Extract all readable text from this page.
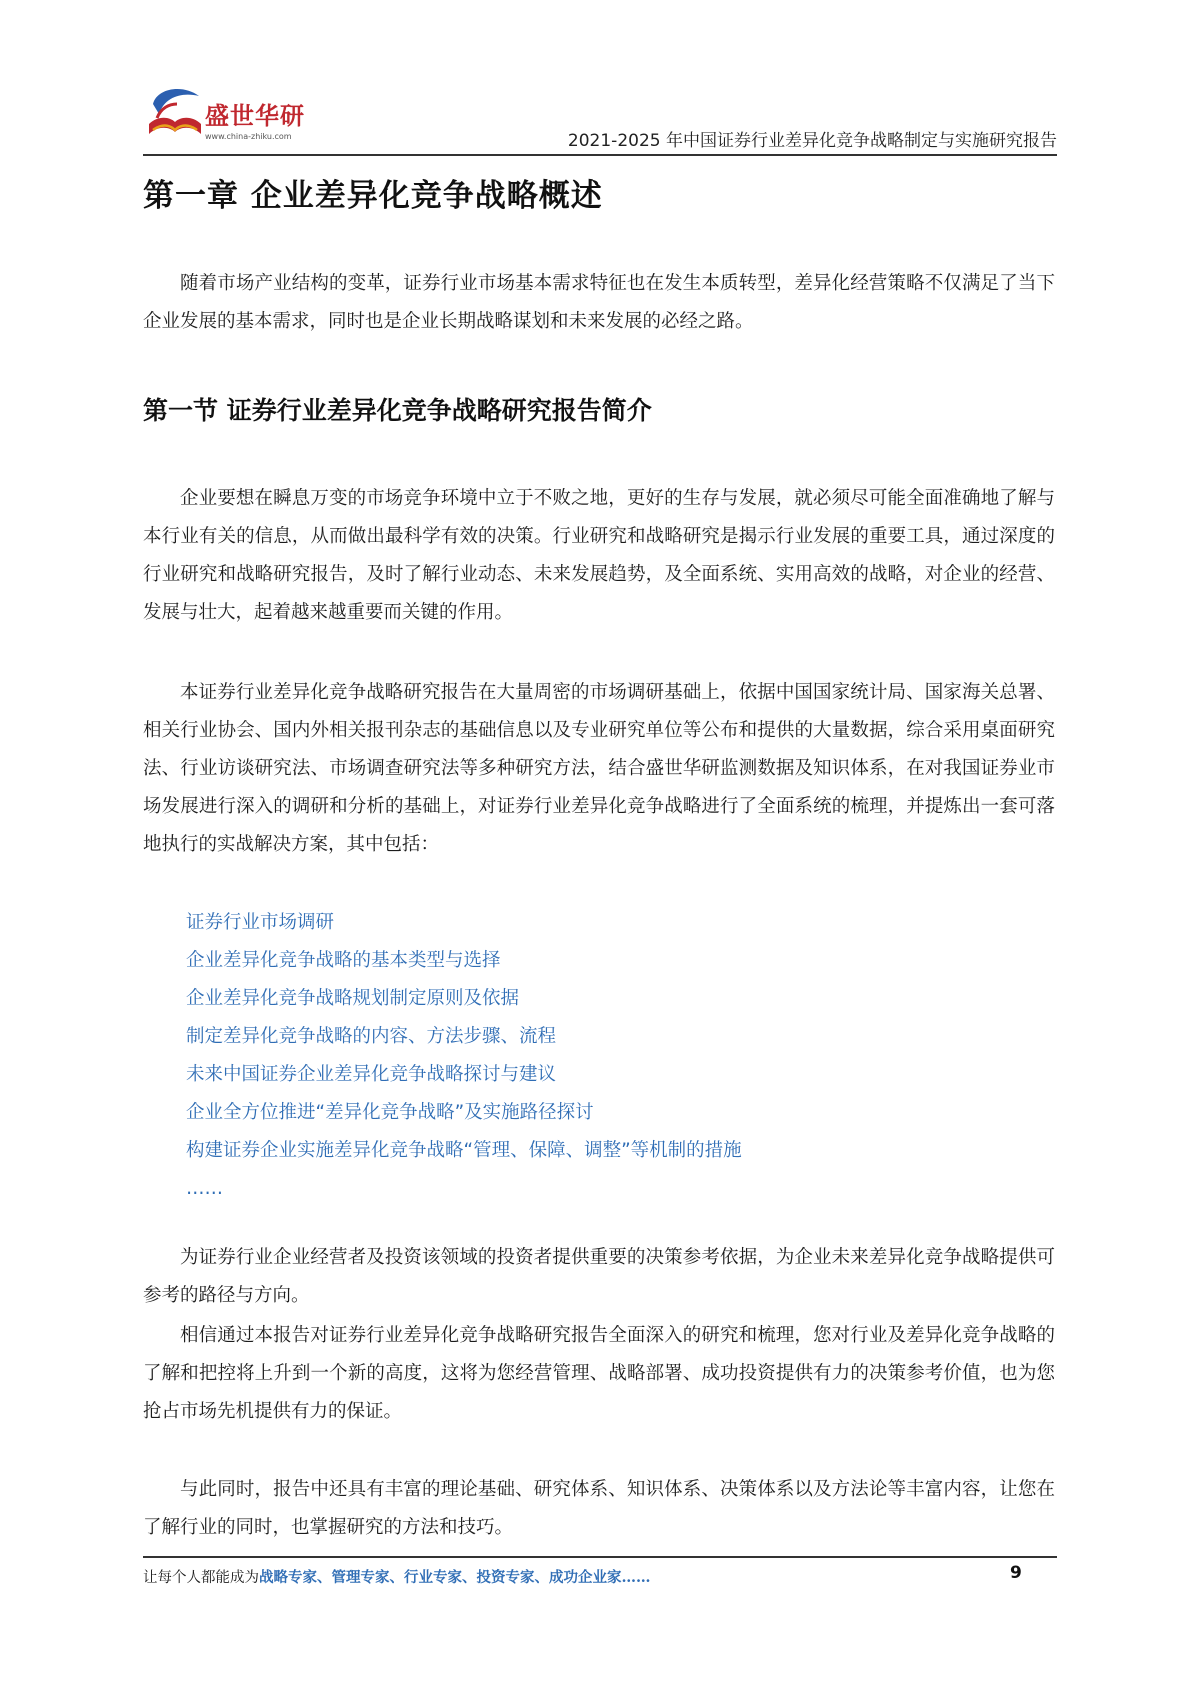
盛世华研
www.china-zhiku.com	2021-2025 年中国证券行业差异化竞争战略制定与实施研究报告
第一章 企业差异化竞争战略概述

随着市场产业结构的变革，证券行业市场基本需求特征也在发生本质转型，差异化经营策略不仅满足了当下企业发展的基本需求，同时也是企业长期战略谋划和未来发展的必经之路。

第一节 证券行业差异化竞争战略研究报告简介

企业要想在瞬息万变的市场竞争环境中立于不败之地，更好的生存与发展，就必须尽可能全面准确地了解与本行业有关的信息，从而做出最科学有效的决策。行业研究和战略研究是揭示行业发展的重要工具，通过深度的行业研究和战略研究报告，及时了解行业动态、未来发展趋势，及全面系统、实用高效的战略，对企业的经营、发展与壮大，起着越来越重要而关键的作用。

本证券行业差异化竞争战略研究报告在大量周密的市场调研基础上，依据中国国家统计局、国家海关总署、相关行业协会、国内外相关报刊杂志的基础信息以及专业研究单位等公布和提供的大量数据，综合采用桌面研究法、行业访谈研究法、市场调查研究法等多种研究方法，结合盛世华研监测数据及知识体系，在对我国证券业市场发展进行深入的调研和分析的基础上，对证券行业差异化竞争战略进行了全面系统的梳理，并提炼出一套可落地执行的实战解决方案，其中包括：

证券行业市场调研
企业差异化竞争战略的基本类型与选择
企业差异化竞争战略规划制定原则及依据
制定差异化竞争战略的内容、方法步骤、流程
未来中国证券企业差异化竞争战略探讨与建议
企业全方位推进“差异化竞争战略”及实施路径探讨
构建证券企业实施差异化竞争战略“管理、保障、调整”等机制的措施
……

为证券行业企业经营者及投资该领域的投资者提供重要的决策参考依据，为企业未来差异化竞争战略提供可参考的路径与方向。

相信通过本报告对证券行业差异化竞争战略研究报告全面深入的研究和梳理，您对行业及差异化竞争战略的了解和把控将上升到一个新的高度，这将为您经营管理、战略部署、成功投资提供有力的决策参考价值，也为您抢占市场先机提供有力的保证。

与此同时，报告中还具有丰富的理论基础、研究体系、知识体系、决策体系以及方法论等丰富内容，让您在了解行业的同时，也掌握研究的方法和技巧。

让每个人都能成为战略专家、管理专家、行业专家、投资专家、成功企业家……	9
